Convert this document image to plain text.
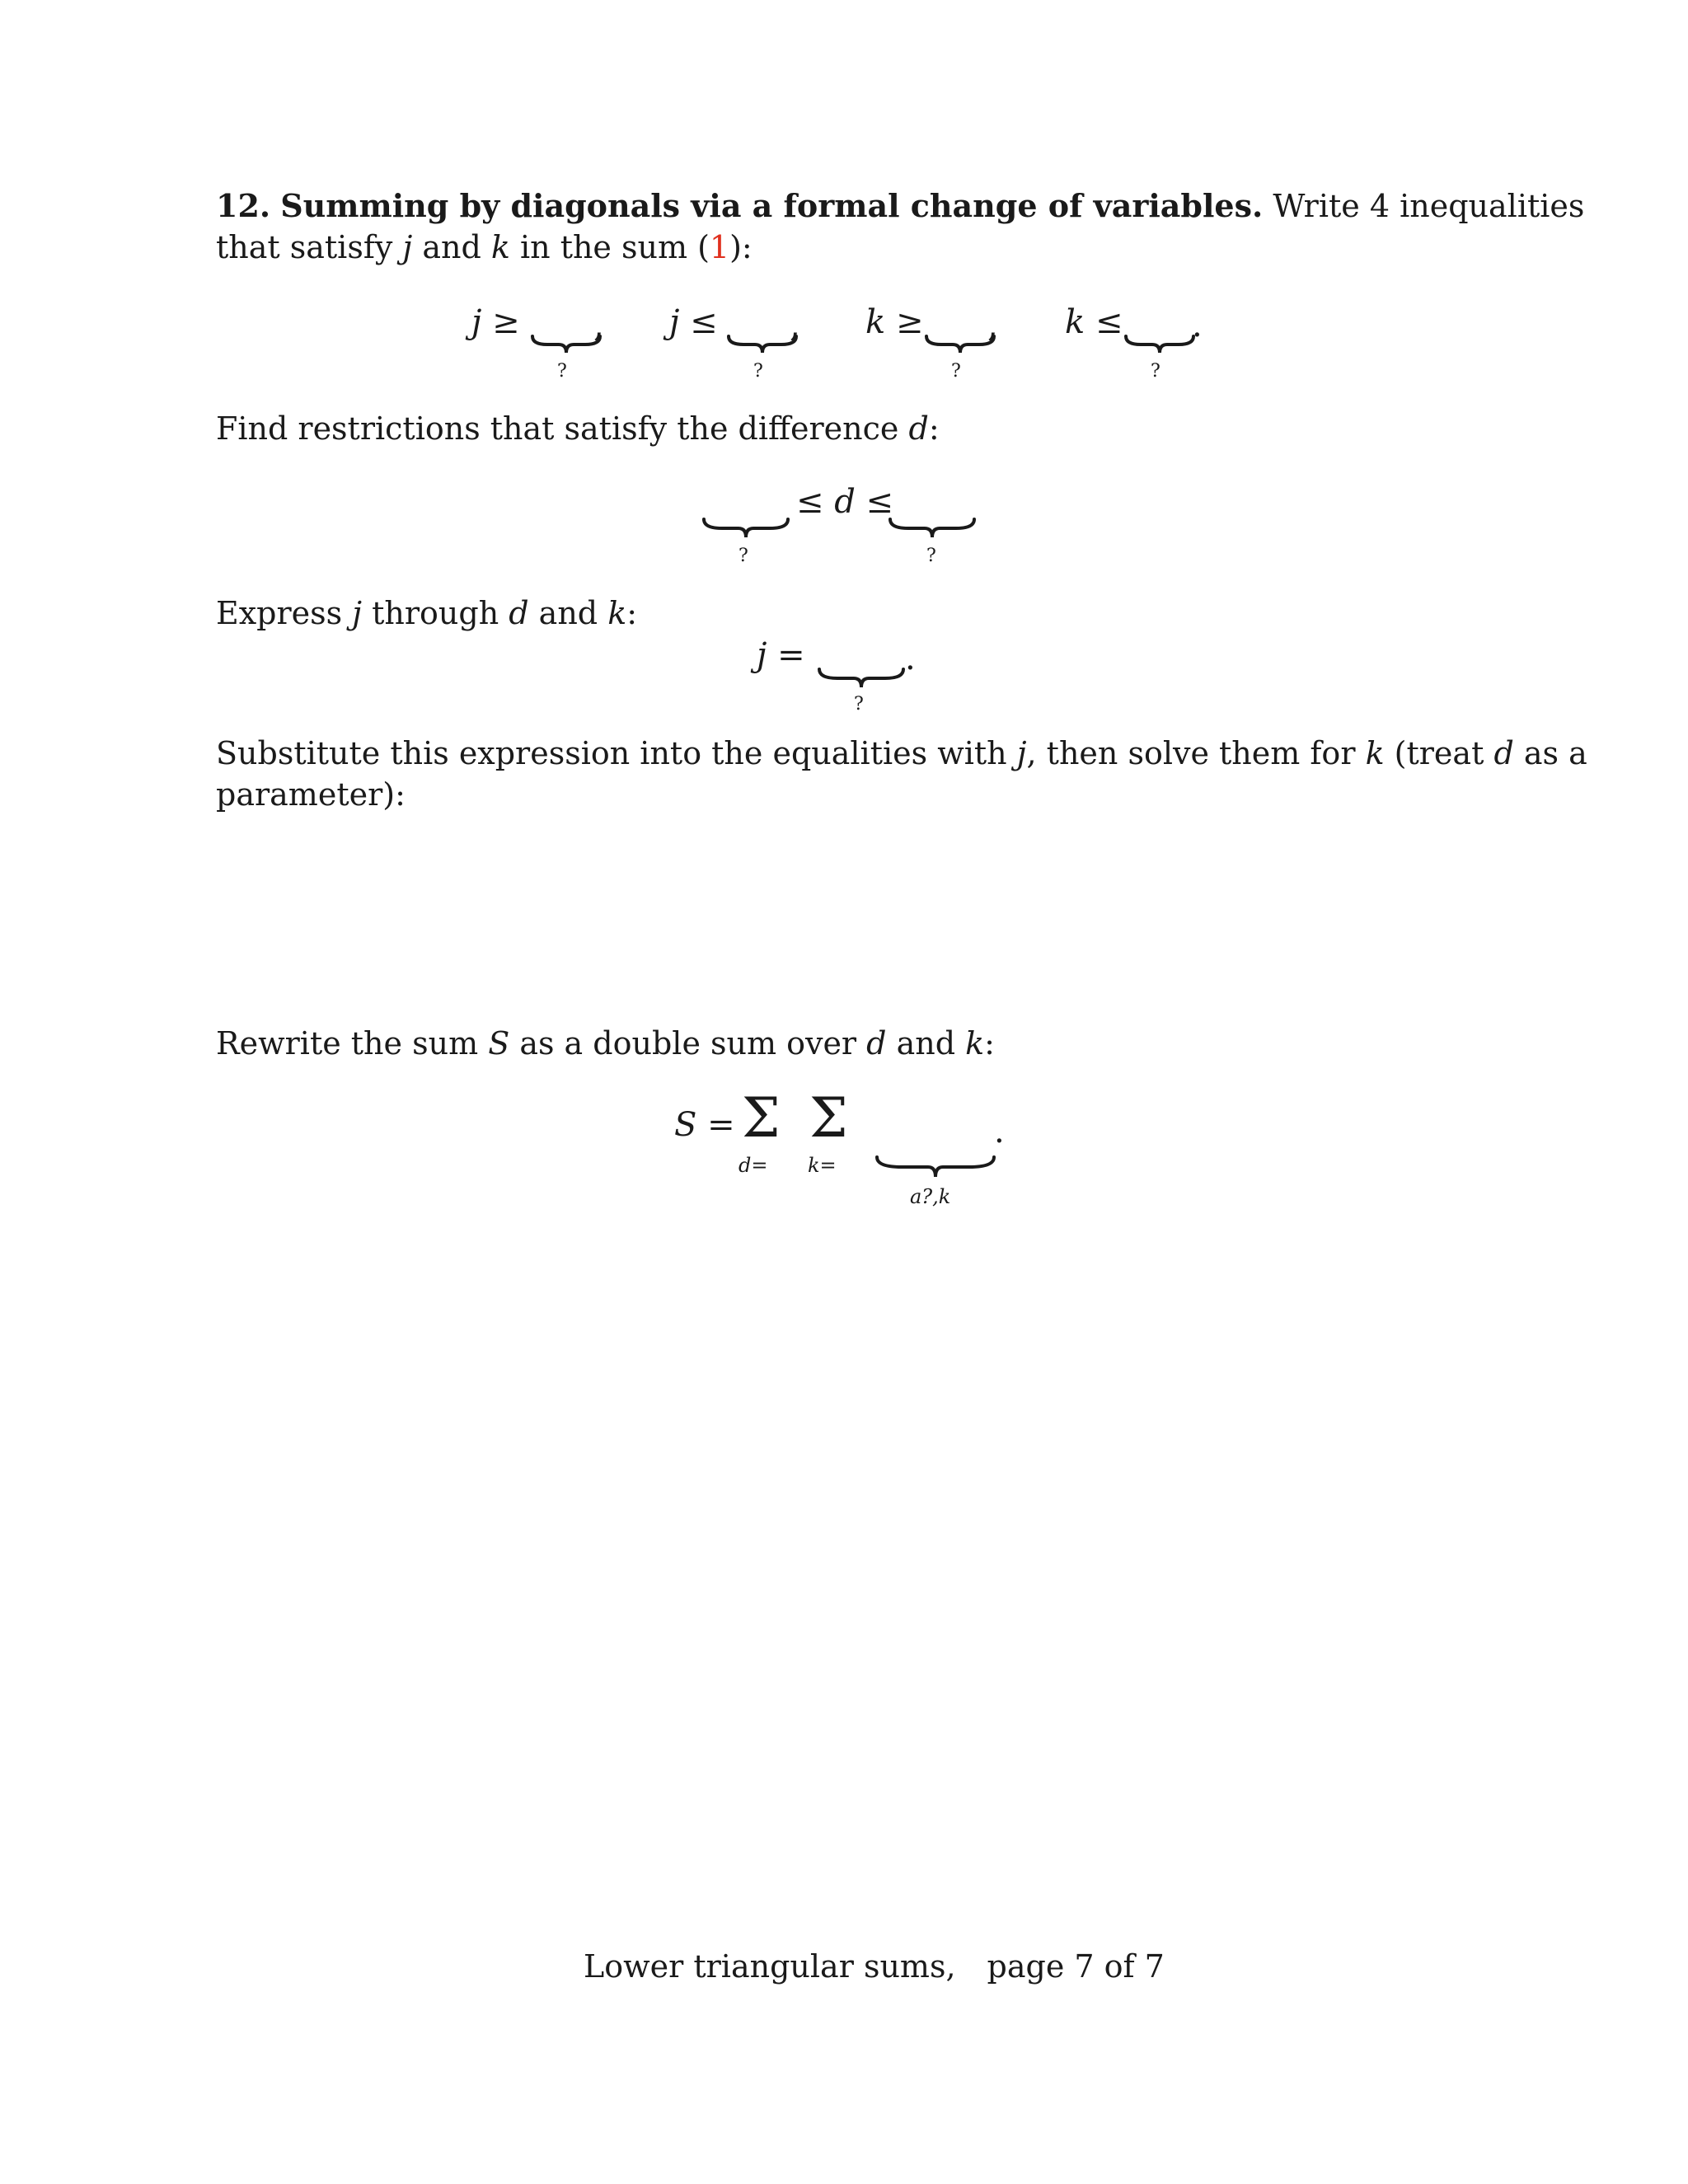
12. Summing by diagonals via a formal change of variables. Write 4 inequalities
that satisfy j and k in the sum (1):
j ≥ ,
?
j ≤ ,
?
k ≥ ,
?
k ≤ .
?
Find restrictions that satisfy the difference d:
?
≤ d ≤
?
Express j through d and k:
j =	.
?
Substitute this expression into the equalities with j, then solve them for k (treat d as a
parameter):
Rewrite the sum S as a double sum over d and k:
S = Σ Σ
d= k=
.
a?,k
Lower triangular sums, page 7 of 7
